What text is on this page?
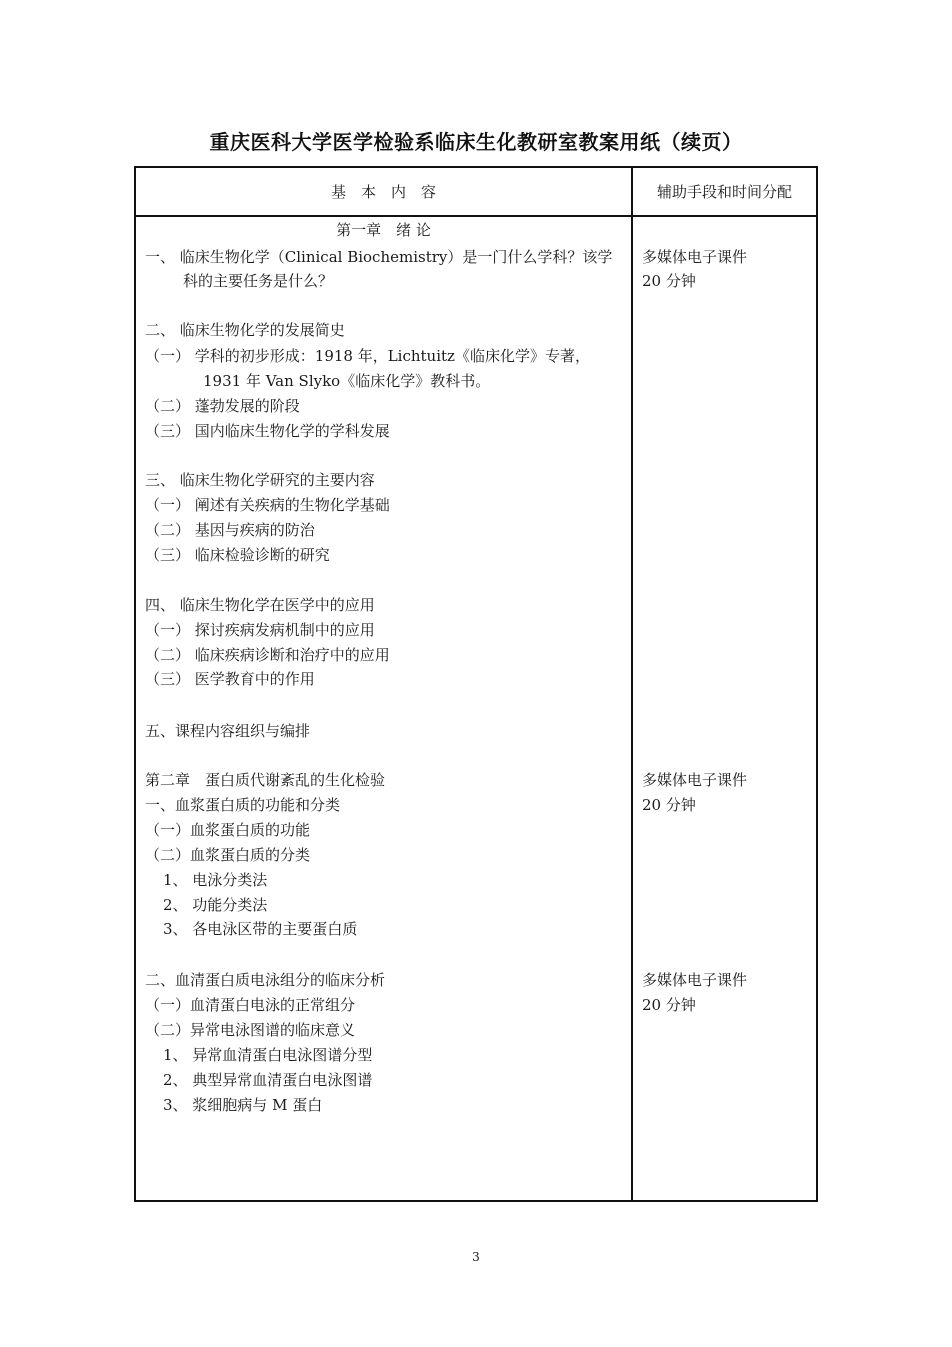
重庆医科大学医学检验系临床生化教研室教案用纸（续页）
基　本　内　容	辅助手段和时间分配
第一章　绪 论
一、 临床生物化学（Clinical Biochemistry）是一门什么学科？该学
科的主要任务是什么？
二、 临床生物化学的发展简史
（一） 学科的初步形成：1918 年，Lichtuitz《临床化学》专著，
1931 年 Van Slyko《临床化学》教科书。
（二） 蓬勃发展的阶段
（三） 国内临床生物化学的学科发展
三、 临床生物化学研究的主要内容
（一） 阐述有关疾病的生物化学基础
（二） 基因与疾病的防治
（三） 临床检验诊断的研究
四、 临床生物化学在医学中的应用
（一） 探讨疾病发病机制中的应用
（二） 临床疾病诊断和治疗中的应用
（三） 医学教育中的作用
五、课程内容组织与编排
第二章　蛋白质代谢紊乱的生化检验
一、血浆蛋白质的功能和分类
（一）血浆蛋白质的功能
（二）血浆蛋白质的分类
1、 电泳分类法
2、 功能分类法
3、 各电泳区带的主要蛋白质
二、血清蛋白质电泳组分的临床分析
（一）血清蛋白电泳的正常组分
（二）异常电泳图谱的临床意义
1、 异常血清蛋白电泳图谱分型
2、 典型异常血清蛋白电泳图谱
3、 浆细胞病与 M 蛋白
多媒体电子课件
20 分钟
多媒体电子课件
20 分钟
多媒体电子课件
20 分钟
3
